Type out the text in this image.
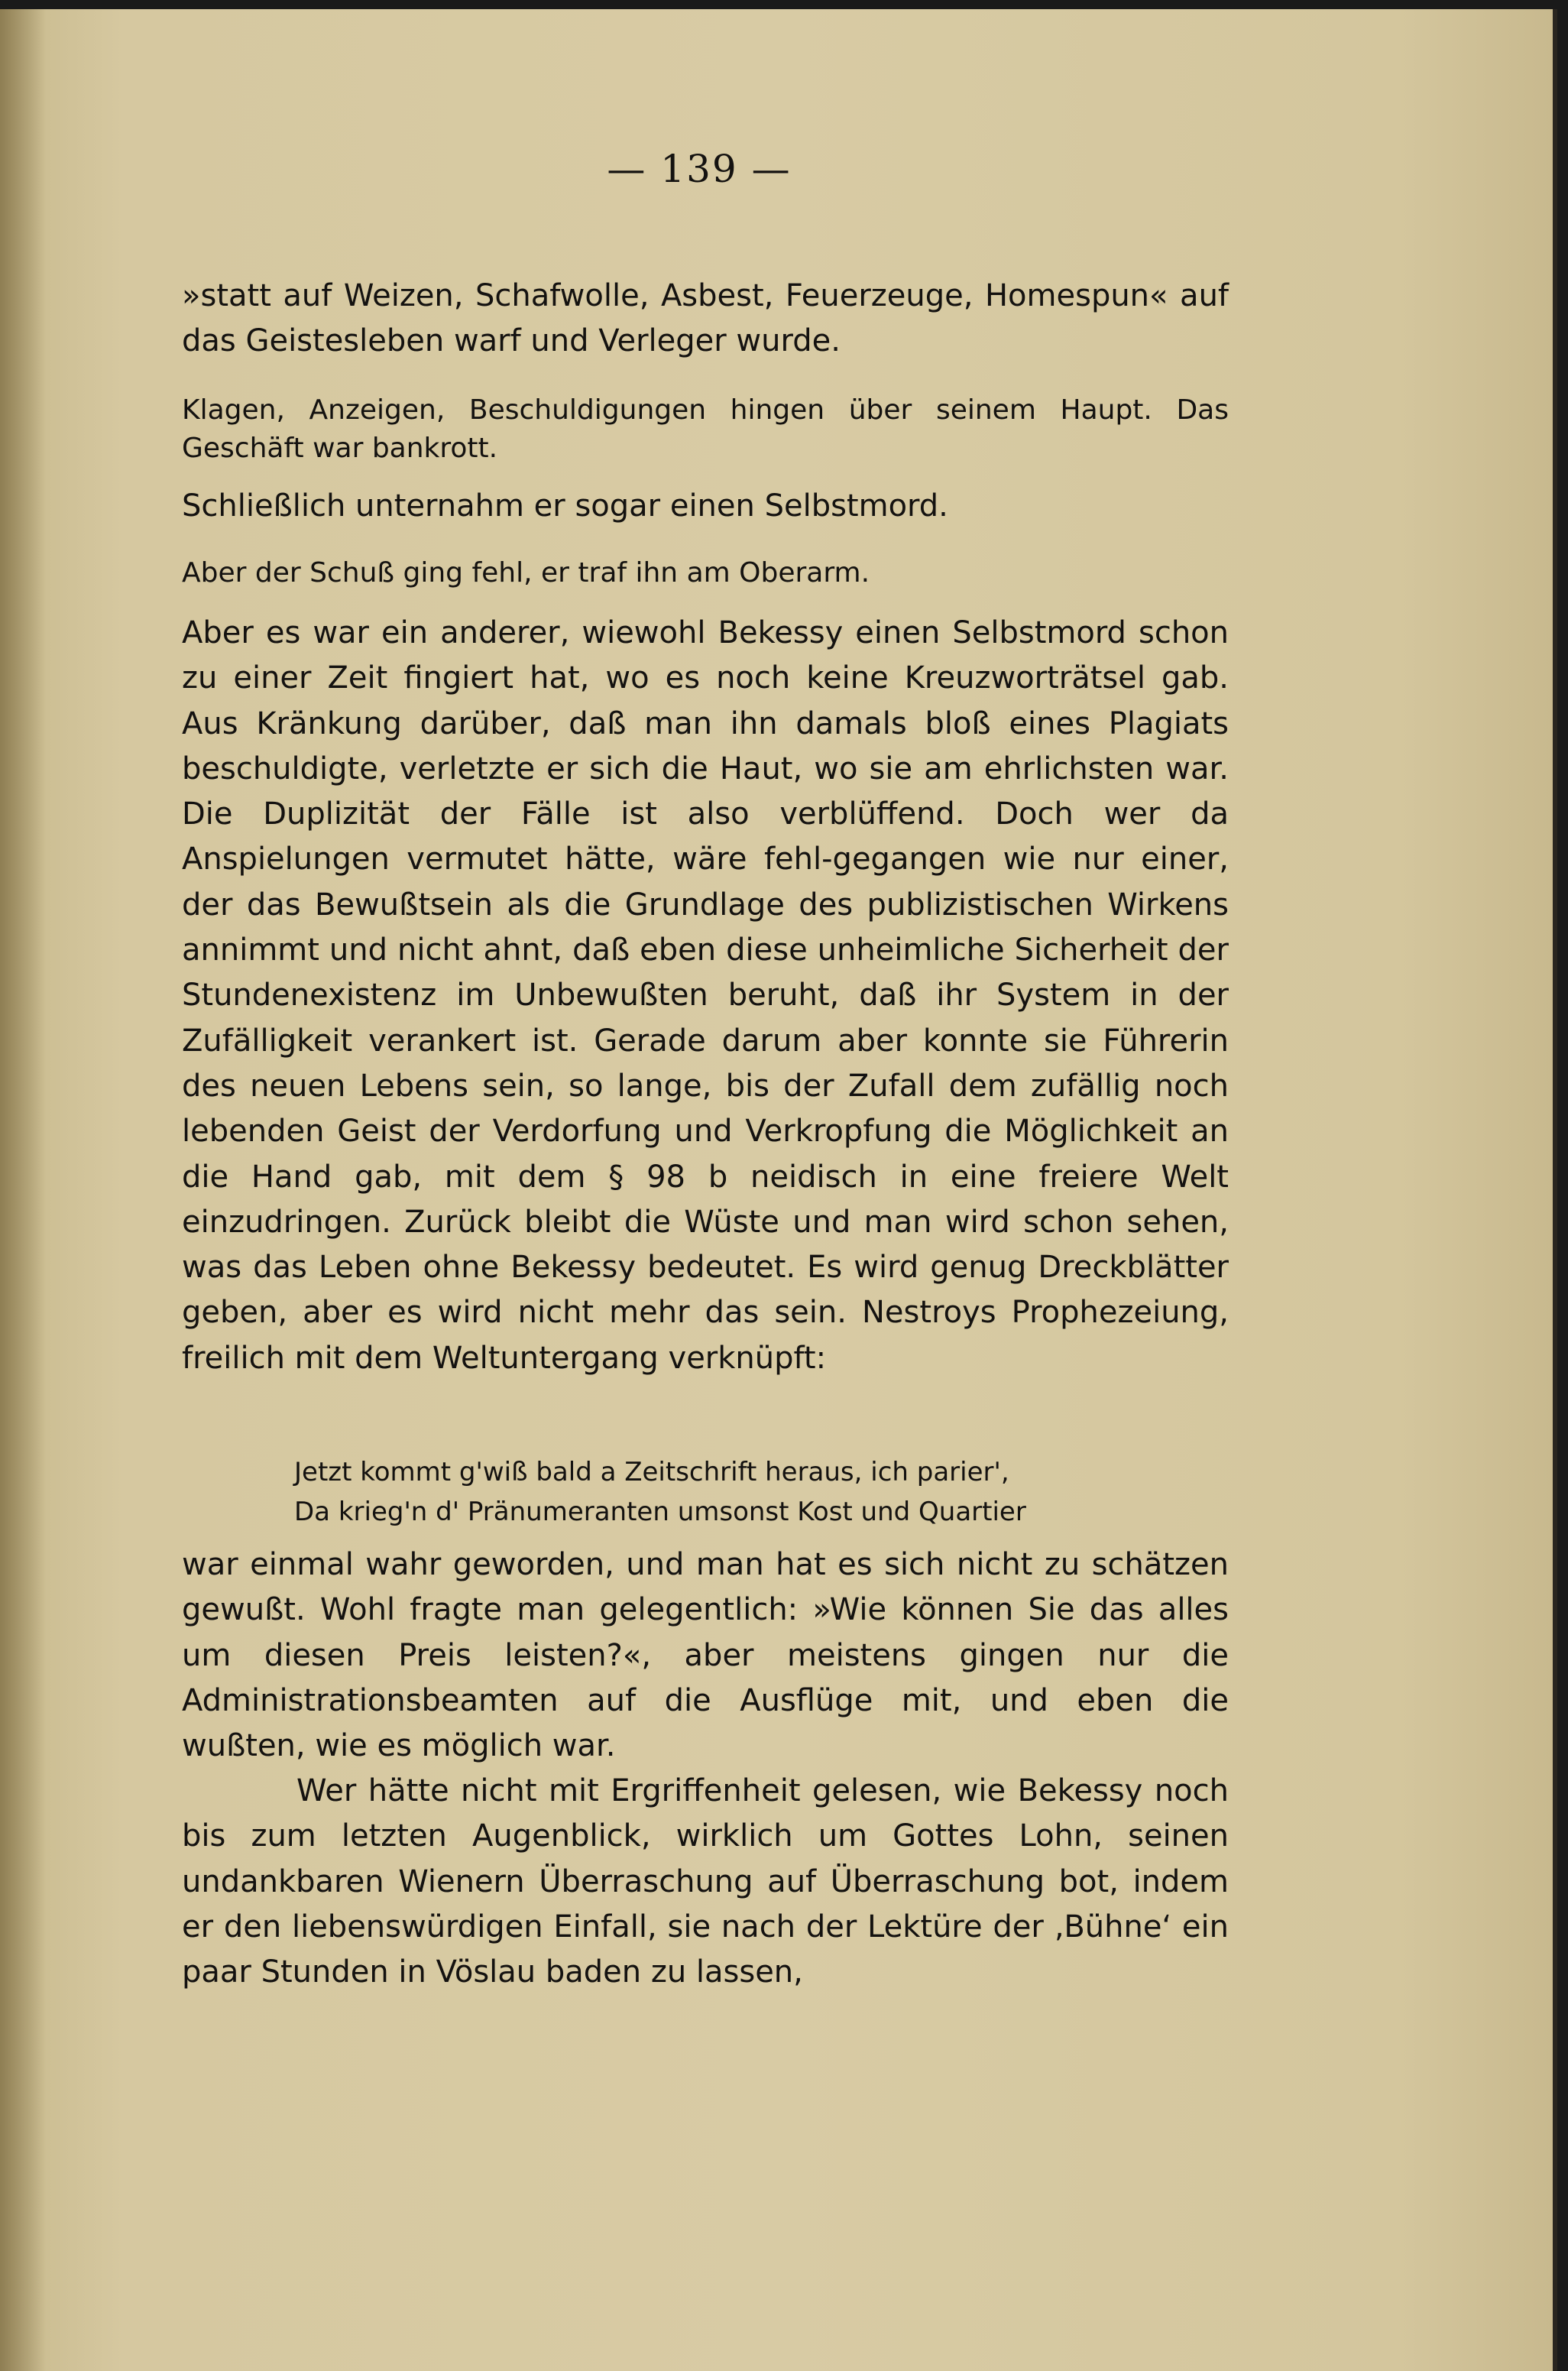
— 139 —
»statt auf Weizen, Schafwolle, Asbest, Feuerzeuge, Homespun« auf das Geistesleben warf und Verleger wurde.
Klagen, Anzeigen, Beschuldigungen hingen über seinem Haupt. Das Geschäft war bankrott.
Schließlich unternahm er sogar einen Selbstmord.
Aber der Schuß ging fehl, er traf ihn am Oberarm.
Aber es war ein anderer, wiewohl Bekessy einen Selbstmord schon zu einer Zeit fingiert hat, wo es noch keine Kreuzworträtsel gab. Aus Kränkung darüber, daß man ihn damals bloß eines Plagiats beschuldigte, verletzte er sich die Haut, wo sie am ehrlichsten war. Die Duplizität der Fälle ist also verblüffend. Doch wer da Anspielungen vermutet hätte, wäre fehl-gegangen wie nur einer, der das Bewußtsein als die Grundlage des publizistischen Wirkens annimmt und nicht ahnt, daß eben diese unheimliche Sicherheit der Stundenexistenz im Unbewußten beruht, daß ihr System in der Zufälligkeit verankert ist. Gerade darum aber konnte sie Führerin des neuen Lebens sein, so lange, bis der Zufall dem zufällig noch lebenden Geist der Verdorfung und Verkropfung die Möglichkeit an die Hand gab, mit dem § 98 b neidisch in eine freiere Welt einzudringen. Zurück bleibt die Wüste und man wird schon sehen, was das Leben ohne Bekessy bedeutet. Es wird genug Dreckblätter geben, aber es wird nicht mehr das sein. Nestroys Prophezeiung, freilich mit dem Weltuntergang verknüpft:
Jetzt kommt g'wiß bald a Zeitschrift heraus, ich parier',
Da krieg'n d' Pränumeranten umsonst Kost und Quartier
war einmal wahr geworden, und man hat es sich nicht zu schätzen gewußt. Wohl fragte man gelegentlich: »Wie können Sie das alles um diesen Preis leisten?«, aber meistens gingen nur die Administrationsbeamten auf die Ausflüge mit, und eben die wußten, wie es möglich war.
Wer hätte nicht mit Ergriffenheit gelesen, wie Bekessy noch bis zum letzten Augenblick, wirklich um Gottes Lohn, seinen undankbaren Wienern Überraschung auf Überraschung bot, indem er den liebenswürdigen Einfall, sie nach der Lektüre der ‚Bühne‘ ein paar Stunden in Vöslau baden zu lassen,
